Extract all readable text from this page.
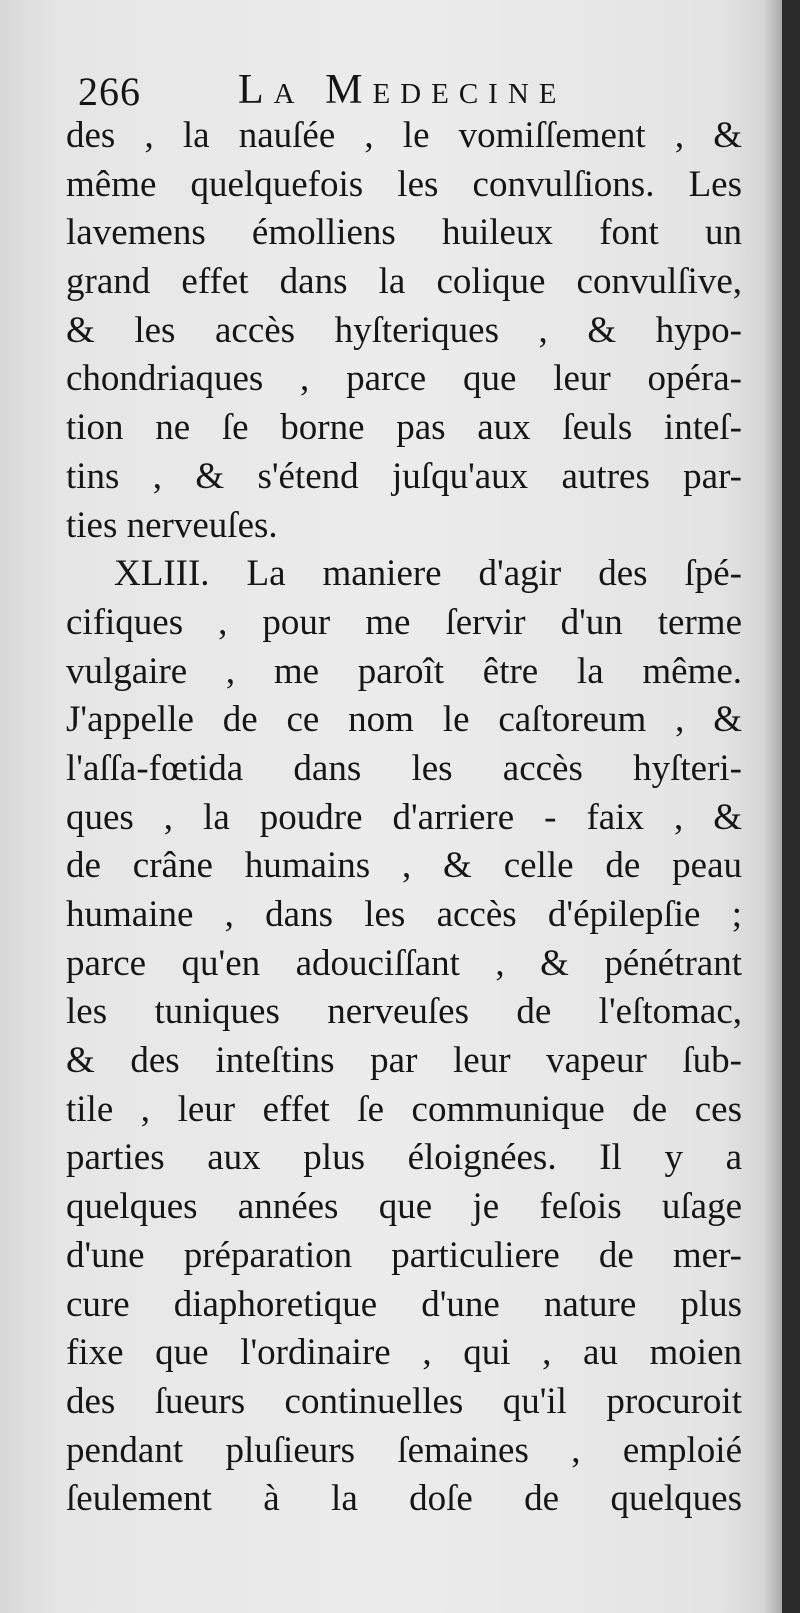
266 La Medecine
des , la nauſée , le vomiſſement , &
même quelquefois les convulſions. Les
lavemens émolliens huileux font un
grand effet dans la colique convulſive,
& les accès hyſteriques , & hypo-
chondriaques , parce que leur opéra-
tion ne ſe borne pas aux ſeuls inteſ-
tins , & s'étend juſqu'aux autres par-
ties nerveuſes.
XLIII. La maniere d'agir des ſpé-
cifiques , pour me ſervir d'un terme
vulgaire , me paroît être la même.
J'appelle de ce nom le caſtoreum , &
l'aſſa-fœtida dans les accès hyſteri-
ques , la poudre d'arriere - faix , &
de crâne humains , & celle de peau
humaine , dans les accès d'épilepſie ;
parce qu'en adouciſſant , & pénétrant
les tuniques nerveuſes de l'eſtomac,
& des inteſtins par leur vapeur ſub-
tile , leur effet ſe communique de ces
parties aux plus éloignées. Il y a
quelques années que je feſois uſage
d'une préparation particuliere de mer-
cure diaphoretique d'une nature plus
fixe que l'ordinaire , qui , au moien
des ſueurs continuelles qu'il procuroit
pendant pluſieurs ſemaines , emploié
ſeulement à la doſe de quelques
